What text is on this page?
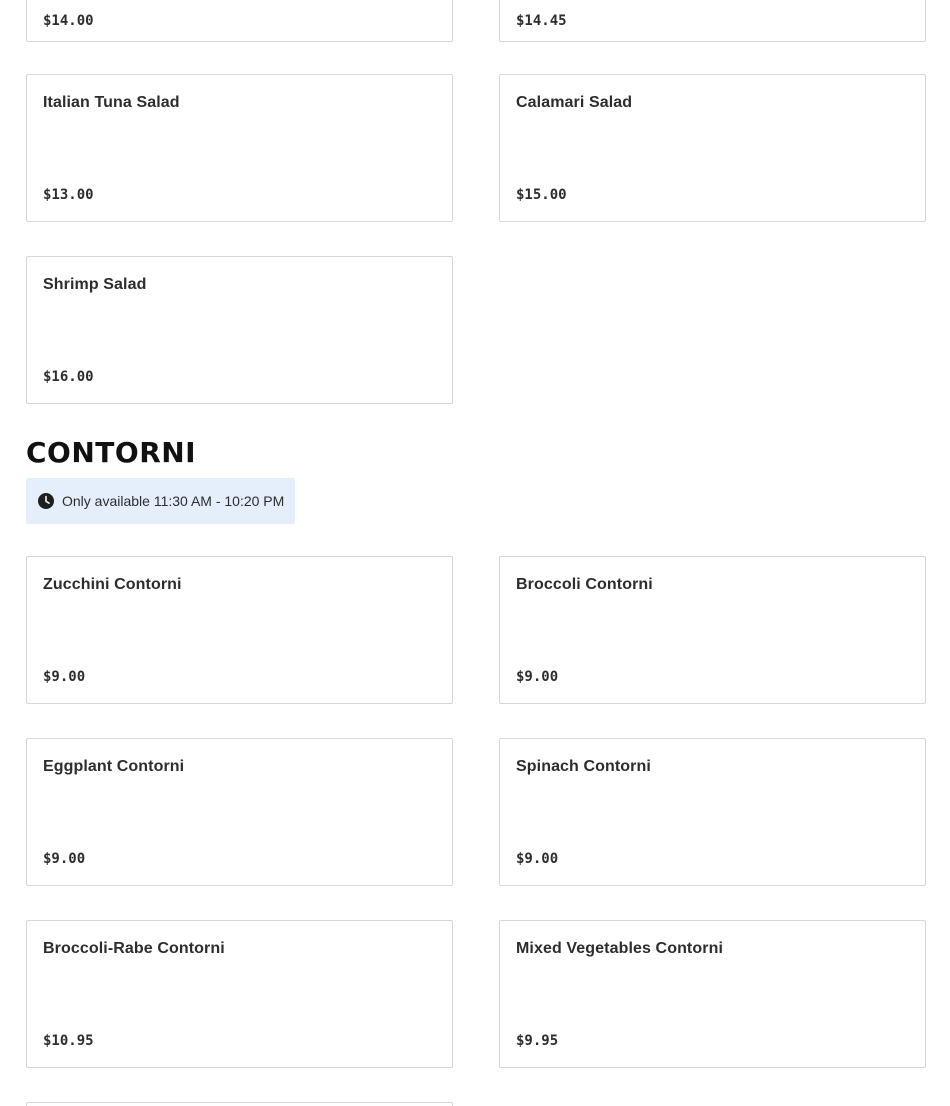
$14.00	$14.45
Italian Tuna Salad
$13.00
Calamari Salad
$15.00
Shrimp Salad
$16.00
CONTORNI
Only available 11:30 AM - 10:20 PM
Zucchini Contorni
$9.00
Broccoli Contorni
$9.00
Eggplant Contorni
$9.00
Spinach Contorni
$9.00
Broccoli-Rabe Contorni
$10.95
Mixed Vegetables Contorni
$9.95
